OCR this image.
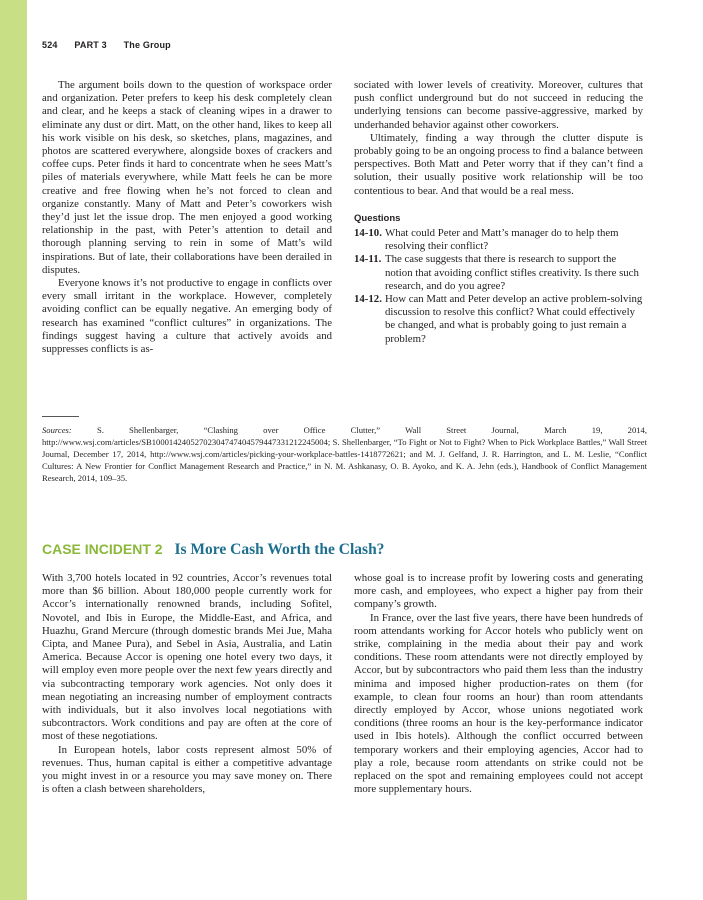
524 PART 3 The Group

The argument boils down to the question of workspace order and organization. Peter prefers to keep his desk completely clean and clear, and he keeps a stack of cleaning wipes in a drawer to eliminate any dust or dirt. Matt, on the other hand, likes to keep all his work visible on his desk, so sketches, plans, magazines, and photos are scattered everywhere, alongside boxes of crackers and coffee cups. Peter finds it hard to concentrate when he sees Matt’s piles of materials everywhere, while Matt feels he can be more creative and free flowing when he’s not forced to clean and organize constantly. Many of Matt and Peter’s coworkers wish they’d just let the issue drop. The men enjoyed a good working relationship in the past, with Peter’s attention to detail and thorough planning serving to rein in some of Matt’s wild inspirations. But of late, their collaborations have been derailed in disputes.

Everyone knows it’s not productive to engage in conflicts over every small irritant in the workplace. However, completely avoiding conflict can be equally negative. An emerging body of research has examined “conflict cultures” in organizations. The findings suggest having a culture that actively avoids and suppresses conflicts is as-

sociated with lower levels of creativity. Moreover, cultures that push conflict underground but do not succeed in reducing the underlying tensions can become passive-aggressive, marked by underhanded behavior against other coworkers.

Ultimately, finding a way through the clutter dispute is probably going to be an ongoing process to find a balance between perspectives. Both Matt and Peter worry that if they can’t find a solution, their usually positive work relationship will be too contentious to bear. And that would be a real mess.

Questions
14-10. What could Peter and Matt’s manager do to help them resolving their conflict?
14-11. The case suggests that there is research to support the notion that avoiding conflict stifles creativity. Is there such research, and do you agree?
14-12. How can Matt and Peter develop an active problem-solving discussion to resolve this conflict? What could effectively be changed, and what is probably going to just remain a problem?
Sources:	S. Shellenbarger, “Clashing over Office Clutter,” Wall Street Journal, March 19, 2014, http://www.wsj.com/articles/SB10001424052702304747404579447331212245004; S. Shellenbarger, “To Fight or Not to Fight? When to Pick Workplace Battles,” Wall Street Journal, December 17, 2014, http://www.wsj.com/articles/picking-your-workplace-battles-1418772621; and M. J. Gelfand, J. R. Harrington, and L. M. Leslie, “Conflict Cultures: A New Frontier for Conflict Management Research and Practice,” in N. M. Ashkanasy, O. B. Ayoko, and K. A. Jehn (eds.), Handbook of Conflict Management Research, 2014, 109–35.
CASE INCIDENT 2 Is More Cash Worth the Clash?

With 3,700 hotels located in 92 countries, Accor’s revenues total more than $6 billion. About 180,000 people currently work for Accor’s internationally renowned brands, including Sofitel, Novotel, and Ibis in Europe, the Middle-East, and Africa, and Huazhu, Grand Mercure (through domestic brands Mei Jue, Maha Cipta, and Manee Pura), and Sebel in Asia, Australia, and Latin America. Because Accor is opening one hotel every two days, it will employ even more people over the next few years directly and via subcontracting temporary work agencies. Not only does it mean negotiating an increasing number of employment contracts with individuals, but it also involves local negotiations with subcontractors. Work conditions and pay are often at the core of most of these negotiations.

In European hotels, labor costs represent almost 50% of revenues. Thus, human capital is either a competitive advantage you might invest in or a resource you may save money on. There is often a clash between shareholders,

whose goal is to increase profit by lowering costs and generating more cash, and employees, who expect a higher pay from their company’s growth.

In France, over the last five years, there have been hundreds of room attendants working for Accor hotels who publicly went on strike, complaining in the media about their pay and work conditions. These room attendants were not directly employed by Accor, but by subcontractors who paid them less than the industry minima and imposed higher production-rates on them (for example, to clean four rooms an hour) than room attendants directly employed by Accor, whose unions negotiated work conditions (three rooms an hour is the key-performance indicator used in Ibis hotels). Although the conflict occurred between temporary workers and their employing agencies, Accor had to play a role, because room attendants on strike could not be replaced on the spot and remaining employees could not accept more supplementary hours.
